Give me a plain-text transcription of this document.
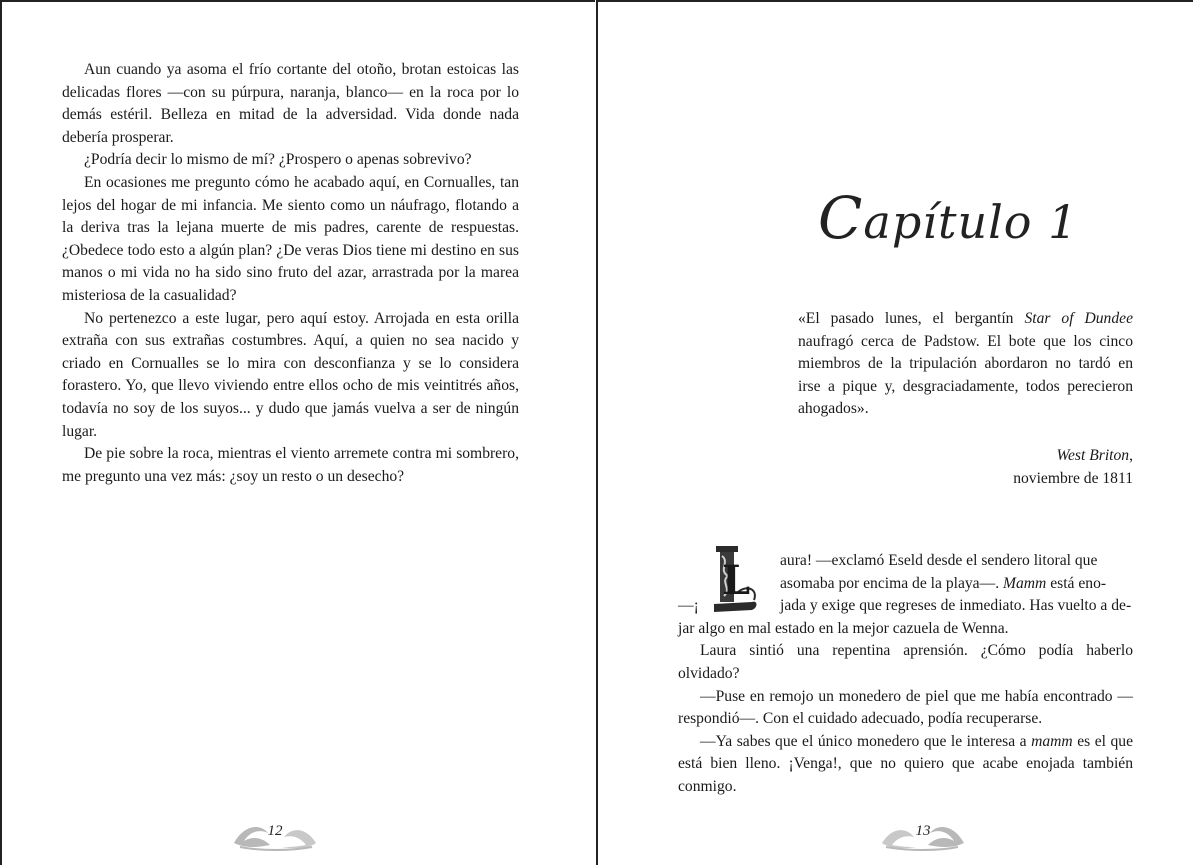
Aun cuando ya asoma el frío cortante del otoño, brotan estoicas las delicadas flores —con su púrpura, naranja, blanco— en la roca por lo demás estéril. Belleza en mitad de la adversidad. Vida donde nada debería prosperar.

¿Podría decir lo mismo de mí? ¿Prospero o apenas sobrevivo?

En ocasiones me pregunto cómo he acabado aquí, en Cornualles, tan lejos del hogar de mi infancia. Me siento como un náufrago, flotando a la deriva tras la lejana muerte de mis padres, carente de respuestas. ¿Obedece todo esto a algún plan? ¿De veras Dios tiene mi destino en sus manos o mi vida no ha sido sino fruto del azar, arrastrada por la marea misteriosa de la casualidad?

No pertenezco a este lugar, pero aquí estoy. Arrojada en esta orilla extraña con sus extrañas costumbres. Aquí, a quien no sea nacido y criado en Cornualles se lo mira con desconfianza y se lo considera forastero. Yo, que llevo viviendo entre ellos ocho de mis veintitrés años, todavía no soy de los suyos... y dudo que jamás vuelva a ser de ningún lugar.

De pie sobre la roca, mientras el viento arremete contra mi sombrero, me pregunto una vez más: ¿soy un resto o un desecho?

12
Capítulo 1
«El pasado lunes, el bergantín Star of Dundee naufragó cerca de Padstow. El bote que los cinco miembros de la tripulación abordaron no tardó en irse a pique y, desgraciadamente, todos perecieron ahogados».
West Briton,
noviembre de 1811
L	aura! —exclamó Eseld desde el sendero litoral que

asomaba por encima de la playa—. Mamm está eno-

—¡	jada y exige que regreses de inmediato. Has vuelto a de-

jar algo en mal estado en la mejor cazuela de Wenna.

Laura sintió una repentina aprensión. ¿Cómo podía haberlo olvidado?

—Puse en remojo un monedero de piel que me había encontrado —respondió—. Con el cuidado adecuado, podía recuperarse.

—Ya sabes que el único monedero que le interesa a mamm es el que está bien lleno. ¡Venga!, que no quiero que acabe enojada también conmigo.

13
